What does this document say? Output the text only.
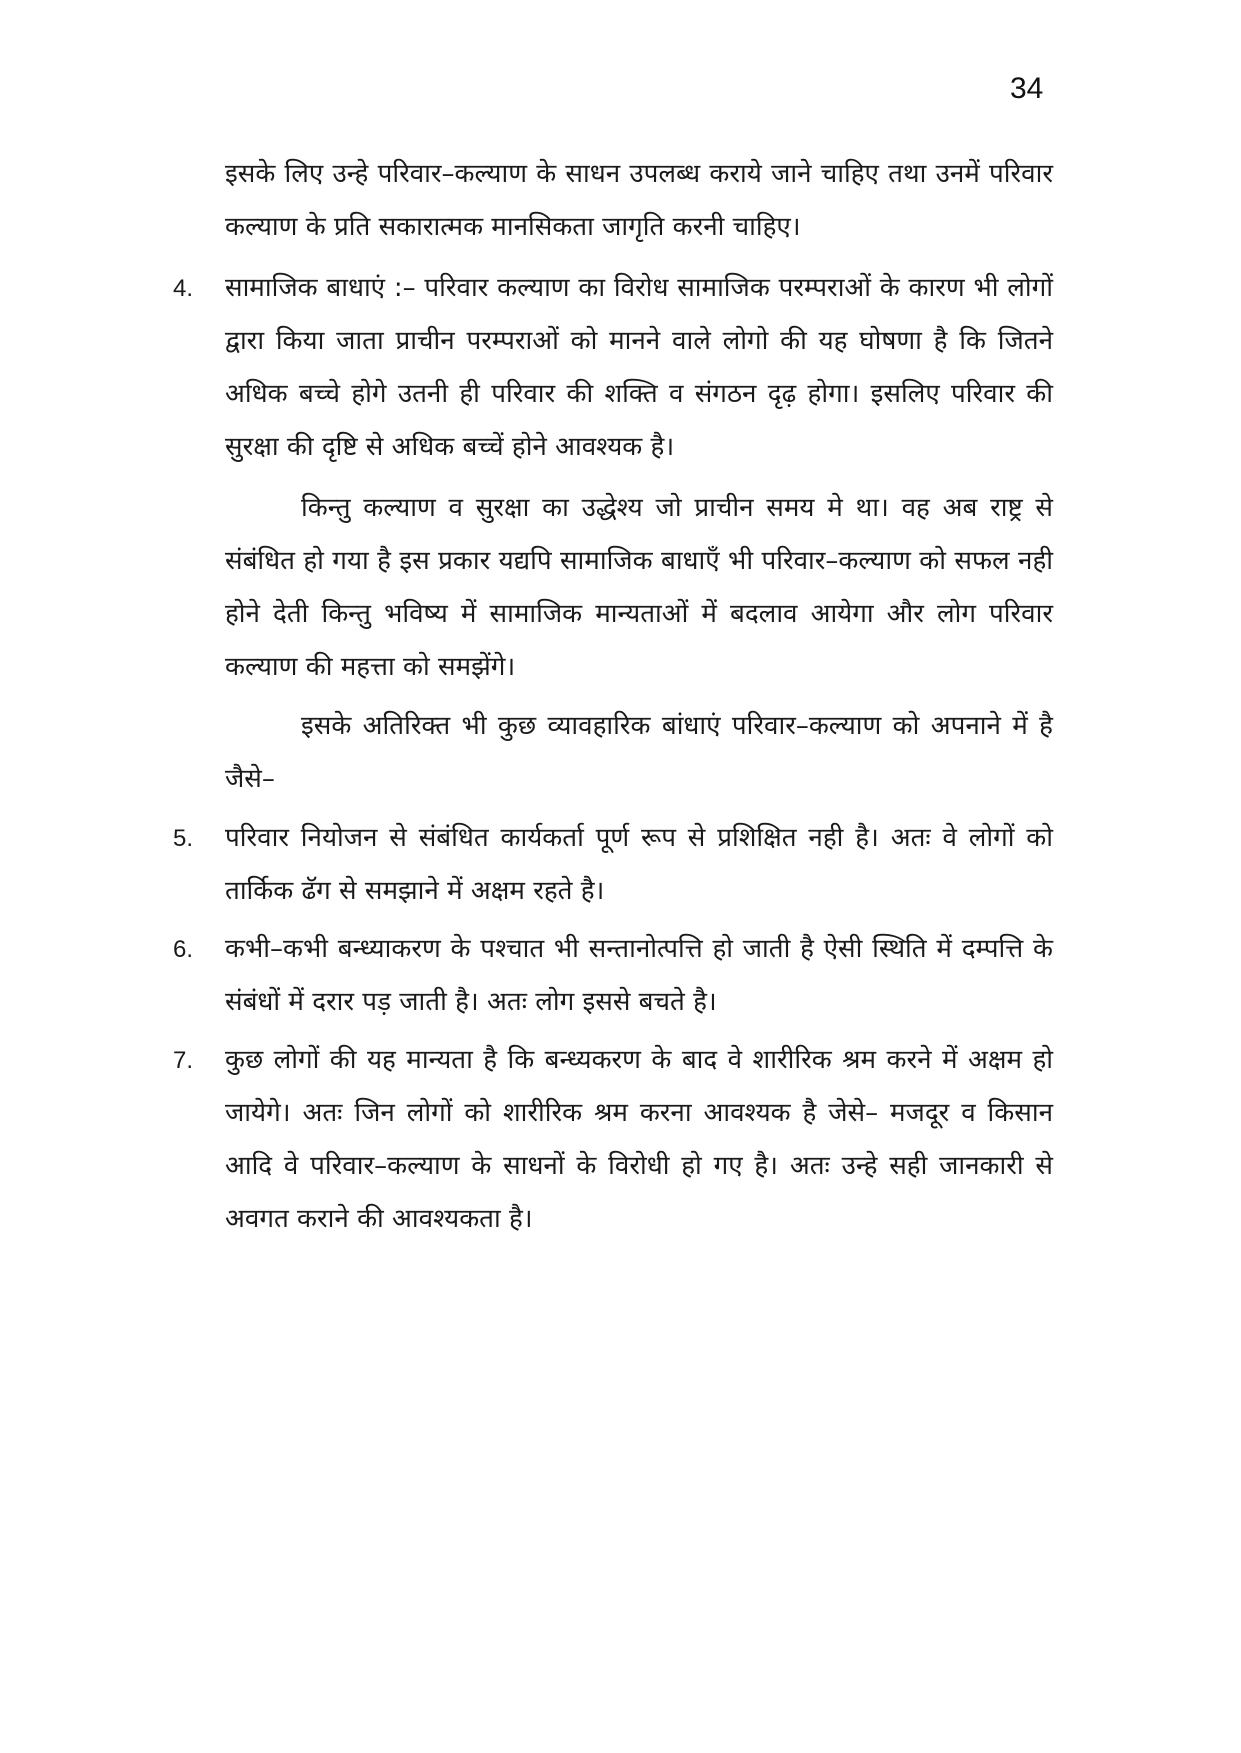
34

इसके लिए उन्हे परिवार–कल्याण के साधन उपलब्ध कराये जाने चाहिए तथा उनमें परिवार कल्याण के प्रति सकारात्मक मानसिकता जागृति करनी चाहिए।

4.	सामाजिक बाधाएं :– परिवार कल्याण का विरोध सामाजिक परम्पराओं के कारण भी लोगों द्वारा किया जाता प्राचीन परम्पराओं को मानने वाले लोगो की यह घोषणा है कि जितने अधिक बच्चे होगे उतनी ही परिवार की शक्ति व संगठन दृढ़ होगा। इसलिए परिवार की सुरक्षा की दृष्टि से अधिक बच्चें होने आवश्यक है।

किन्तु कल्याण व सुरक्षा का उद्धेश्य जो प्राचीन समय मे था। वह अब राष्ट्र से संबंधित हो गया है इस प्रकार यद्यपि सामाजिक बाधाएँ भी परिवार–कल्याण को सफल नही होने देती किन्तु भविष्य में सामाजिक मान्यताओं में बदलाव आयेगा और लोग परिवार कल्याण की महत्ता को समझेंगे।

इसके अतिरिक्त भी कुछ व्यावहारिक बांधाएं परिवार–कल्याण को अपनाने में है जैसे–

5.	परिवार नियोजन से संबंधित कार्यकर्ता पूर्ण रूप से प्रशिक्षित नही है। अतः वे लोगों को तार्किक ढॅग से समझाने में अक्षम रहते है।

6.	कभी–कभी बन्ध्याकरण के पश्चात भी सन्तानोत्पत्ति हो जाती है ऐसी स्थिति में दम्पत्ति के संबंधों में दरार पड़ जाती है। अतः लोग इससे बचते है।

7.	कुछ लोगों की यह मान्यता है कि बन्ध्यकरण के बाद वे शारीरिक श्रम करने में अक्षम हो जायेगे। अतः जिन लोगों को शारीरिक श्रम करना आवश्यक है जेसे– मजदूर व किसान आदि वे परिवार–कल्याण के साधनों के विरोधी हो गए है। अतः उन्हे सही जानकारी से अवगत कराने की आवश्यकता है।
